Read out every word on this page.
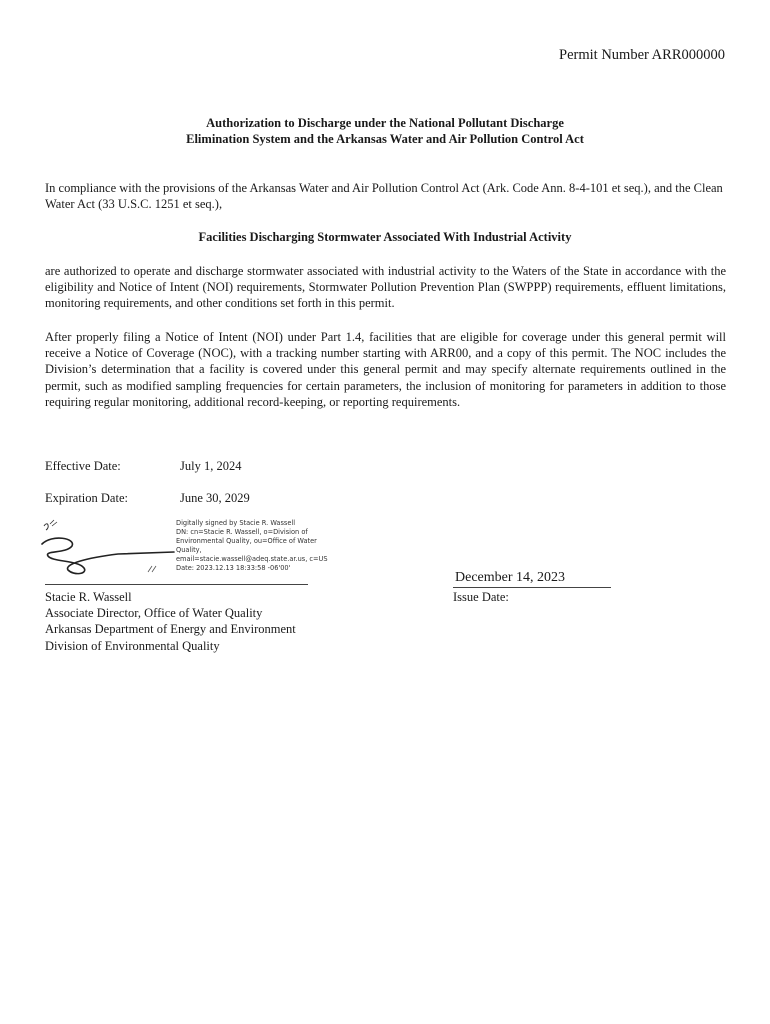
Permit Number ARR000000
Authorization to Discharge under the National Pollutant Discharge
Elimination System and the Arkansas Water and Air Pollution Control Act
In compliance with the provisions of the Arkansas Water and Air Pollution Control Act (Ark. Code Ann. 8-4-101 et seq.), and the Clean Water Act (33 U.S.C. 1251 et seq.),
Facilities Discharging Stormwater Associated With Industrial Activity
are authorized to operate and discharge stormwater associated with industrial activity to the Waters of the State in accordance with the eligibility and Notice of Intent (NOI) requirements, Stormwater Pollution Prevention Plan (SWPPP) requirements, effluent limitations, monitoring requirements, and other conditions set forth in this permit.
After properly filing a Notice of Intent (NOI) under Part 1.4, facilities that are eligible for coverage under this general permit will receive a Notice of Coverage (NOC), with a tracking number starting with ARR00, and a copy of this permit. The NOC includes the Division’s determination that a facility is covered under this general permit and may specify alternate requirements outlined in the permit, such as modified sampling frequencies for certain parameters, the inclusion of monitoring for parameters in addition to those requiring regular monitoring, additional record-keeping, or reporting requirements.
Effective Date:	July 1, 2024
Expiration Date:	June 30, 2029
Digitally signed by Stacie R. Wassell
DN: cn=Stacie R. Wassell, o=Division of
Environmental Quality, ou=Office of Water
Quality,
email=stacie.wassell@adeq.state.ar.us, c=US
Date: 2023.12.13 18:33:58 -06'00'
December 14, 2023
Issue Date:
Stacie R. Wassell
Associate Director, Office of Water Quality
Arkansas Department of Energy and Environment
Division of Environmental Quality
